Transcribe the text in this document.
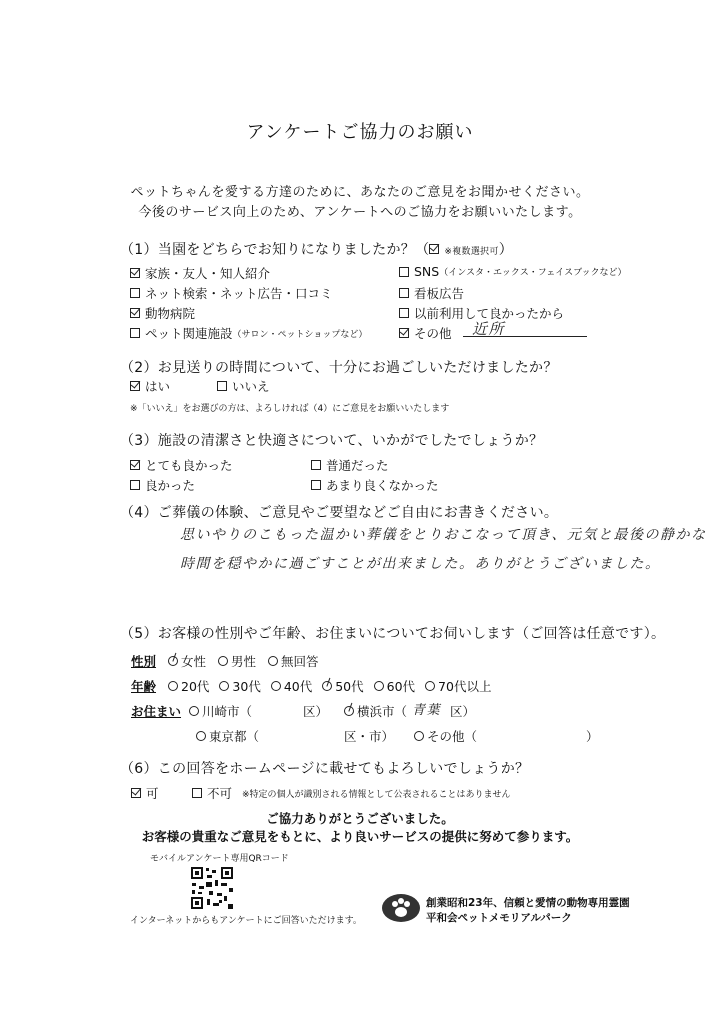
アンケートご協力のお願い
ペットちゃんを愛する方達のために、あなたのご意見をお聞かせください。
今後のサービス向上のため、アンケートへのご協力をお願いいたします。
（1）当園をどちらでお知りになりましたか？（ ※複数選択可）
家族・友人・知人紹介
ネット検索・ネット広告・口コミ
動物病院
ペット関連施設 （サロン・ペットショップなど）
SNS （インスタ・エックス・フェイスブックなど）
看板広告
以前利用して良かったから
その他 近所
（2）お見送りの時間について、十分にお過ごしいただけましたか？
はい	いいえ
※「いいえ」をお選びの方は、よろしければ（4）にご意見をお願いいたします
（3）施設の清潔さと快適さについて、いかがでしたでしょうか？
とても良かった	普通だった
良かった	あまり良くなかった
（4）ご葬儀の体験、ご意見やご要望などご自由にお書きください。
思いやりのこもった温かい葬儀をとりおこなって頂き、元気と最後の静かな
時間を穏やかに過ごすことが出来ました。ありがとうございました。
（5）お客様の性別やご年齢、お住まいについてお伺いします（ご回答は任意です）。
性別 女性 男性 無回答
年齢 20代 30代 40代 50代 60代 70代以上
お住まい 川崎市（	区） 横浜市（ 青葉 区）
東京都（	区・市）	その他（	）
（6）この回答をホームページに載せてもよろしいでしょうか？
可	不可 ※特定の個人が識別される情報として公表されることはありません
ご協力ありがとうございました。
お客様の貴重なご意見をもとに、より良いサービスの提供に努めて参ります。
モバイルアンケート専用QRコード
インターネットからもアンケートにご回答いただけます。
創業昭和23年、信頼と愛情の動物専用霊園
平和会ペットメモリアルパーク
